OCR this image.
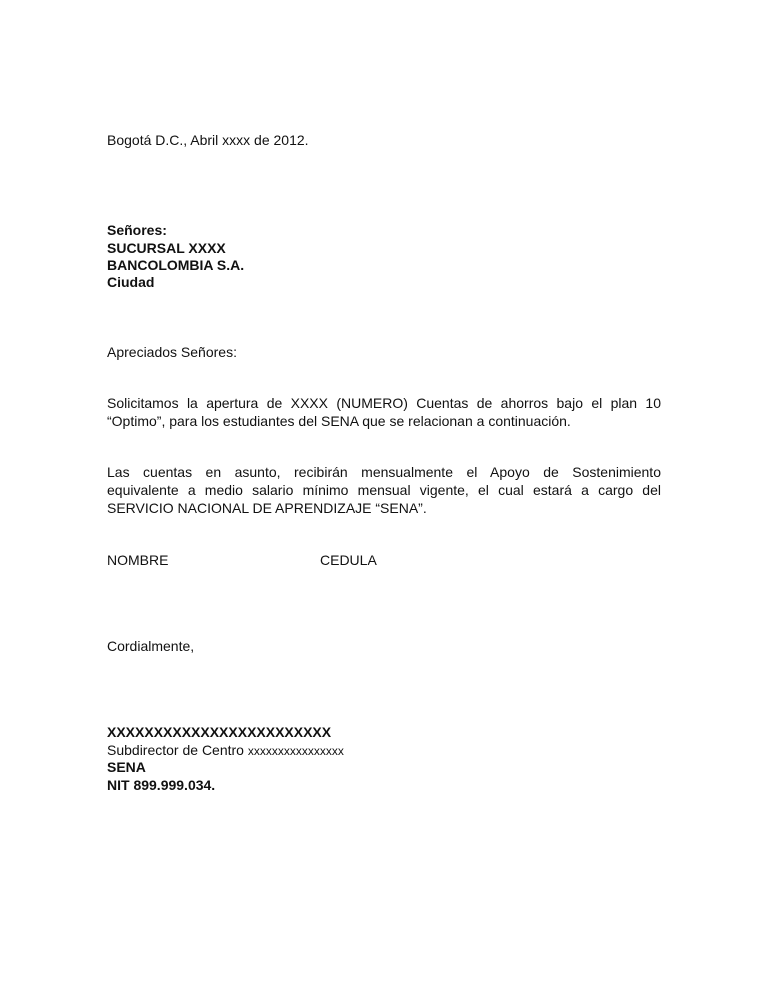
Bogotá D.C., Abril xxxx de 2012.
Señores:
SUCURSAL XXXX
BANCOLOMBIA S.A.
Ciudad
Apreciados Señores:
Solicitamos la apertura de XXXX (NUMERO) Cuentas de ahorros bajo el plan 10
“Optimo”, para los estudiantes del SENA que se relacionan a continuación.
Las cuentas en asunto, recibirán mensualmente el Apoyo de Sostenimiento
equivalente a medio salario mínimo mensual vigente, el cual estará a cargo del
SERVICIO NACIONAL DE APRENDIZAJE “SENA”.
NOMBRE	CEDULA
Cordialmente,
XXXXXXXXXXXXXXXXXXXXXXXX
Subdirector de Centro xxxxxxxxxxxxxxxx
SENA
NIT 899.999.034.
